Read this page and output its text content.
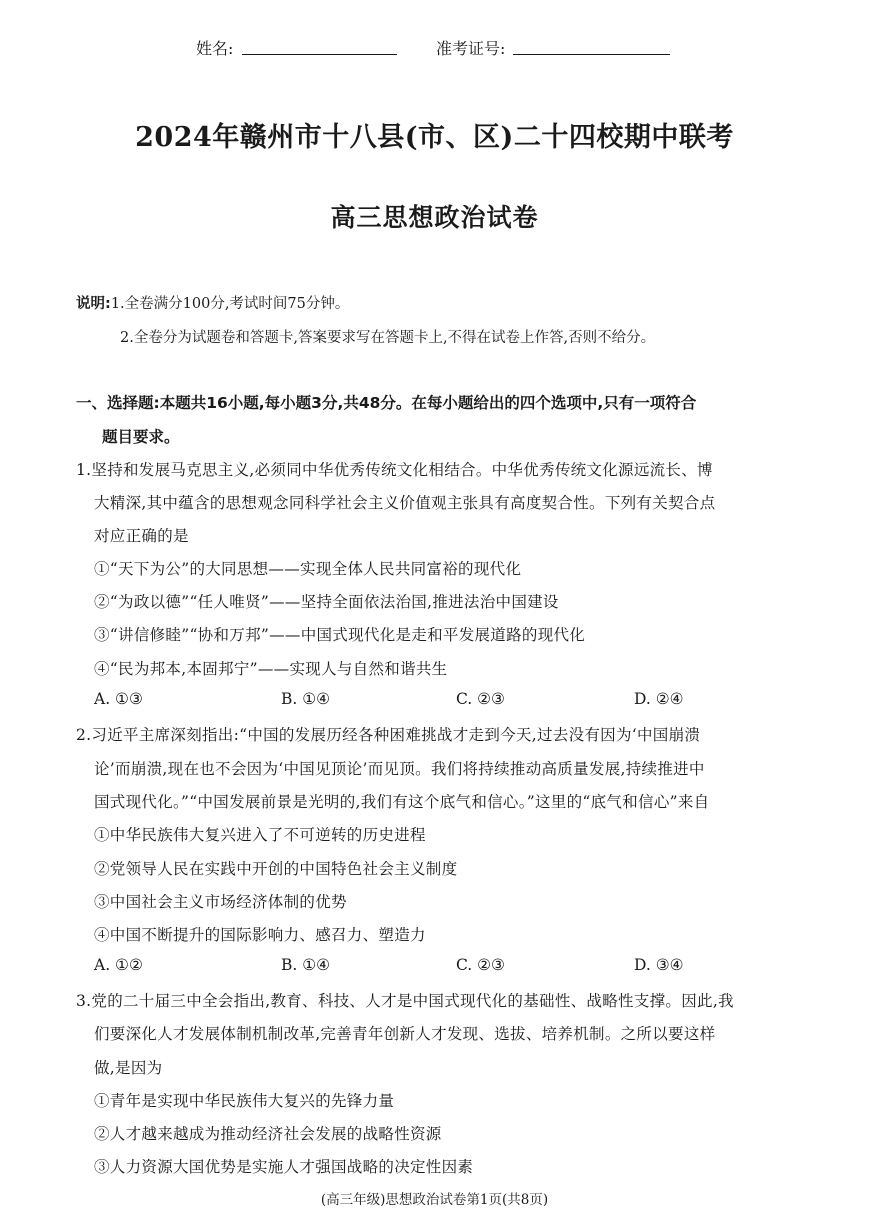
姓名:	准考证号:
2024年赣州市十八县(市、区)二十四校期中联考
高三思想政治试卷
说明:1.全卷满分100分,考试时间75分钟。
2.全卷分为试题卷和答题卡,答案要求写在答题卡上,不得在试卷上作答,否则不给分。
一、选择题:本题共16小题,每小题3分,共48分。在每小题给出的四个选项中,只有一项符合
题目要求。
1.坚持和发展马克思主义,必须同中华优秀传统文化相结合。中华优秀传统文化源远流长、博
大精深,其中蕴含的思想观念同科学社会主义价值观主张具有高度契合性。下列有关契合点
对应正确的是
①“天下为公”的大同思想——实现全体人民共同富裕的现代化
②“为政以德”“任人唯贤”——坚持全面依法治国,推进法治中国建设
③“讲信修睦”“协和万邦”——中国式现代化是走和平发展道路的现代化
④“民为邦本,本固邦宁”——实现人与自然和谐共生
A. ①③	B. ①④	C. ②③	D. ②④
2.习近平主席深刻指出:“中国的发展历经各种困难挑战才走到今天,过去没有因为‘中国崩溃
论’而崩溃,现在也不会因为‘中国见顶论’而见顶。我们将持续推动高质量发展,持续推进中
国式现代化。”“中国发展前景是光明的,我们有这个底气和信心。”这里的“底气和信心”来自
①中华民族伟大复兴进入了不可逆转的历史进程
②党领导人民在实践中开创的中国特色社会主义制度
③中国社会主义市场经济体制的优势
④中国不断提升的国际影响力、感召力、塑造力
A. ①②	B. ①④	C. ②③	D. ③④
3.党的二十届三中全会指出,教育、科技、人才是中国式现代化的基础性、战略性支撑。因此,我
们要深化人才发展体制机制改革,完善青年创新人才发现、选拔、培养机制。之所以要这样
做,是因为
①青年是实现中华民族伟大复兴的先锋力量
②人才越来越成为推动经济社会发展的战略性资源
③人力资源大国优势是实施人才强国战略的决定性因素
(高三年级)思想政治试卷第1页(共8页)
